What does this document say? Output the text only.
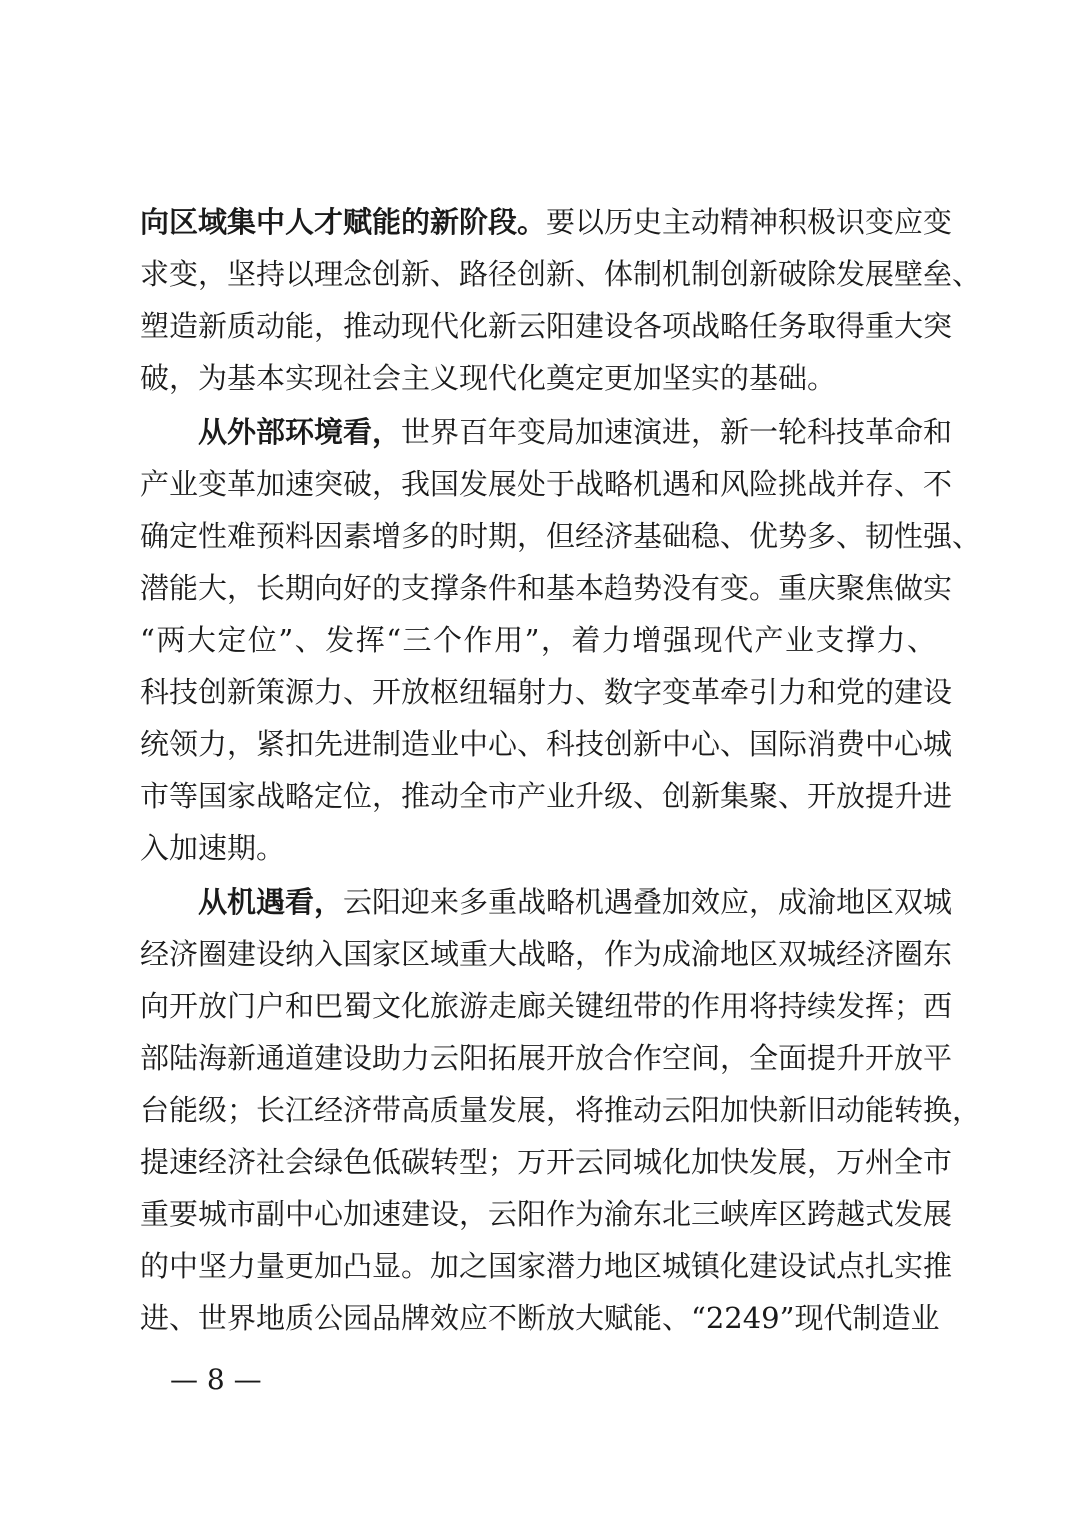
向区域集中人才赋能的新阶段。要以历史主动精神积极识变应变
求变，坚持以理念创新、路径创新、体制机制创新破除发展壁垒、
塑造新质动能，推动现代化新云阳建设各项战略任务取得重大突
破，为基本实现社会主义现代化奠定更加坚实的基础。
从外部环境看，世界百年变局加速演进，新一轮科技革命和
产业变革加速突破，我国发展处于战略机遇和风险挑战并存、不
确定性难预料因素增多的时期，但经济基础稳、优势多、韧性强、
潜能大，长期向好的支撑条件和基本趋势没有变。重庆聚焦做实
“两大定位”、发挥“三个作用”，着力增强现代产业支撑力、
科技创新策源力、开放枢纽辐射力、数字变革牵引力和党的建设
统领力，紧扣先进制造业中心、科技创新中心、国际消费中心城
市等国家战略定位，推动全市产业升级、创新集聚、开放提升进
入加速期。
从机遇看，云阳迎来多重战略机遇叠加效应，成渝地区双城
经济圈建设纳入国家区域重大战略，作为成渝地区双城经济圈东
向开放门户和巴蜀文化旅游走廊关键纽带的作用将持续发挥；西
部陆海新通道建设助力云阳拓展开放合作空间，全面提升开放平
台能级；长江经济带高质量发展，将推动云阳加快新旧动能转换，
提速经济社会绿色低碳转型；万开云同城化加快发展，万州全市
重要城市副中心加速建设，云阳作为渝东北三峡库区跨越式发展
的中坚力量更加凸显。加之国家潜力地区城镇化建设试点扎实推
进、世界地质公园品牌效应不断放大赋能、“2249”现代制造业
— 8 —
